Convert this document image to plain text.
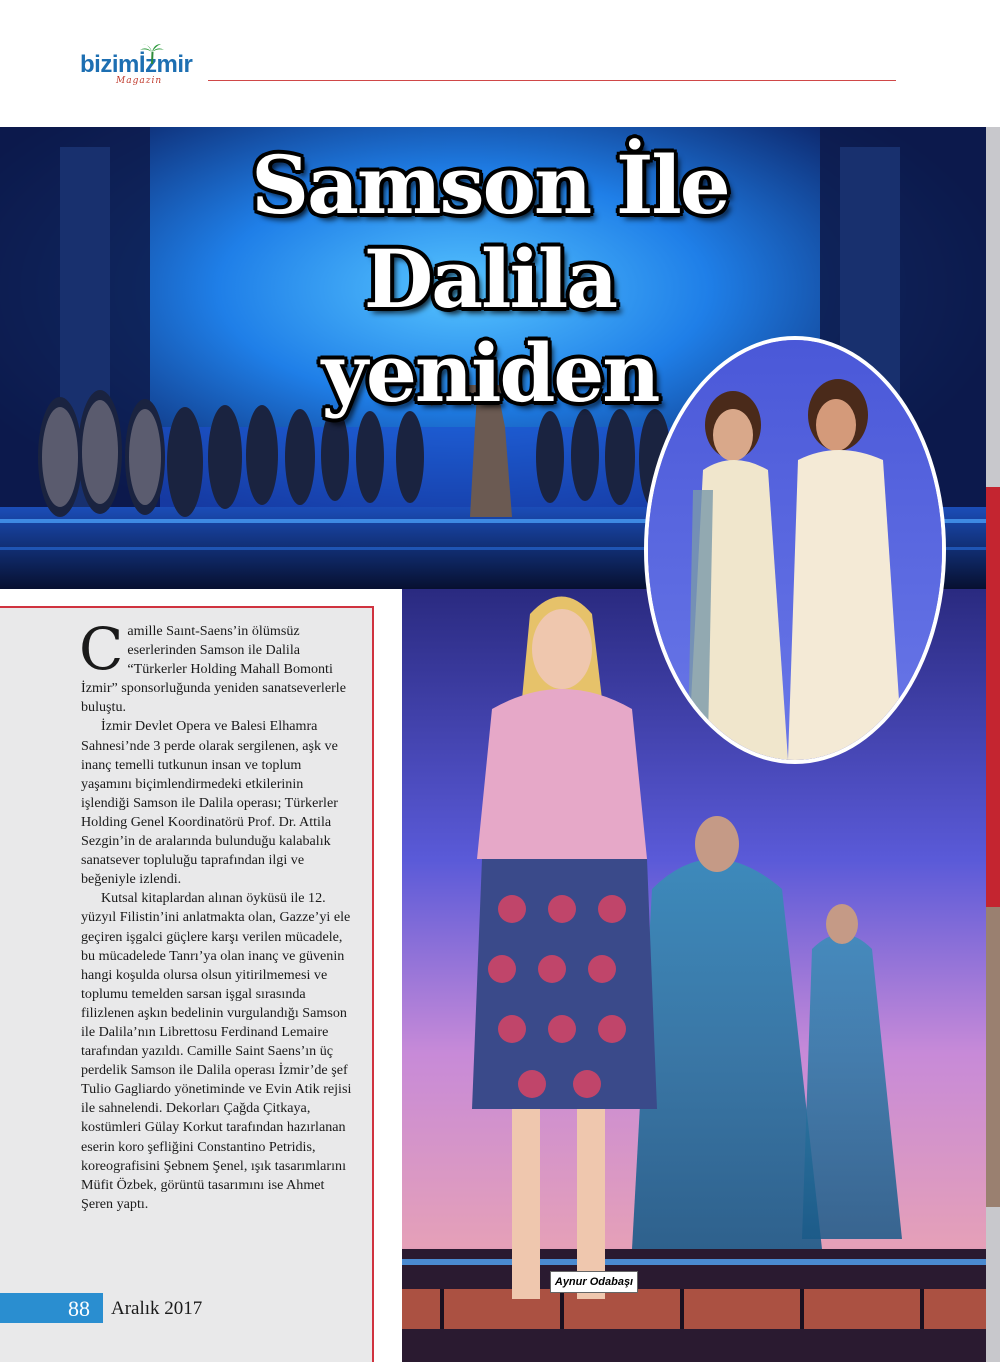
bizimİzmir
Magazin
Samson İle Dalila
yeniden
Aynur Odabaşı

Camille Saınt-Saens’in ölümsüz eserlerinden Samson ile Dalila “Türkerler Holding Mahall Bomonti İzmir” sponsorluğunda yeniden sanatseverlerle buluştu.

İzmir Devlet Opera ve Balesi Elhamra Sahnesi’nde 3 perde olarak sergilenen, aşk ve inanç temelli tutkunun insan ve toplum yaşamını biçimlendirmedeki etkilerinin işlendiği Samson ile Dalila operası; Türkerler Holding Genel Koordinatörü Prof. Dr. Attila Sezgin’in de aralarında bulunduğu kalabalık sanatsever topluluğu taprafından ilgi ve beğeniyle izlendi.

Kutsal kitaplardan alınan öyküsü ile 12. yüzyıl Filistin’ini anlatmakta olan, Gazze’yi ele geçiren işgalci güçlere karşı verilen mücadele, bu mücadelede Tanrı’ya olan inanç ve güvenin hangi koşulda olursa olsun yitirilmemesi ve toplumu temelden sarsan işgal sırasında filizlenen aşkın bedelinin vurgulandığı Samson ile Dalila’nın Librettosu Ferdinand Lemaire tarafından yazıldı. Camille Saint Saens’ın üç perdelik Samson ile Dalila operası İzmir’de şef Tulio Gagliardo yönetiminde ve Evin Atik rejisi ile sahnelendi. Dekorları Çağda Çitkaya, kostümleri Gülay Korkut tarafından hazırlanan eserin koro şefliğini Constantino Petridis, koreografisini Şebnem Şenel, ışık tasarımlarını Müfit Özbek, görüntü tasarımını ise Ahmet Şeren yaptı.

88 Aralık 2017
